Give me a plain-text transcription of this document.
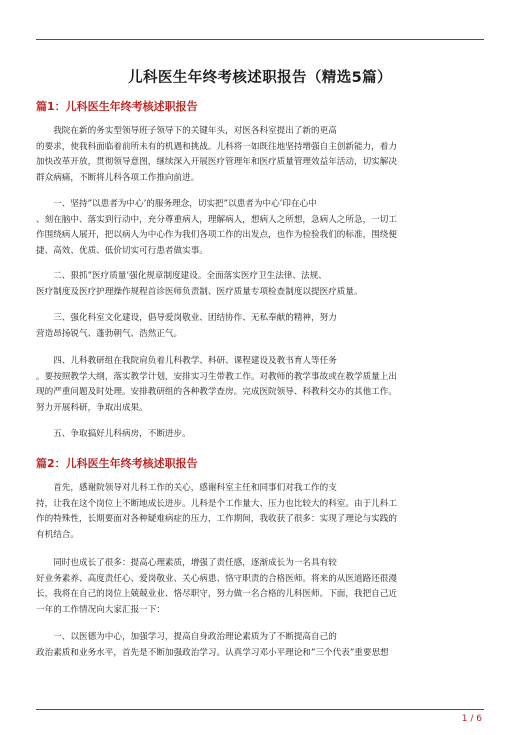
儿科医生年终考核述职报告（精选5篇）
篇1：儿科医生年终考核述职报告

　　我院在新的务实型领导班子领导下的关键年头，对医各科室提出了新的更高

的要求，使我科面临着前所未有的机遇和挑战。儿科将一如既往地坚持增强自主创新能力，着力

加快改革开放，贯彻领导意图，继续深入开展医疗管理年和医疗质量管理效益年活动，切实解决

群众病痛，不断将儿科各项工作推向前进。

　　一、坚持”以患者为中心’的服务理念，切实把”以患者为中心’印在心中

、刻在脑中、落实到行动中，充分尊重病人，理解病人，想病人之所想，急病人之所急，一切工

作围绕病人展开，把以病人为中心作为我们各项工作的出发点，也作为检验我们的标准，围绕便

捷、高效、优质、低价切实可行患者做实事。

　　二、狠抓”医疗质量’强化规章制度建设。全面落实医疗卫生法律、法规、

医疗制度及医疗护理操作规程首诊医师负责制、医疗质量专项检查制度以提医疗质量。

　　三、强化科室文化建设，倡导爱岗敬业、团结协作、无私奉献的精神，努力

营造昂扬锐气、蓬勃朝气、浩然正气。

　　四、儿科教研组在我院肩负着儿科教学、科研、课程建设及教书育人等任务

。要按照教学大纲，落实教学计划，安排实习生带教工作。对教师的教学事故或在教学质量上出

现的严重问题及时处理。安排教研组的各种教学查房。完成医院领导、科教科交办的其他工作。

努力开展科研，争取出成果。

　　五、争取搞好儿科病房，不断进步。

篇2：儿科医生年终考核述职报告

　　首先，感谢院领导对儿科工作的关心，感谢科室主任和同事们对我工作的支

持，让我在这个岗位上不断地成长进步。儿科是个工作量大、压力也比较大的科室。由于儿科工

作的特殊性，长期要面对各种疑难病症的压力，工作期间，我收获了很多：实现了理论与实践的

有机结合。

　　同时也成长了很多：提高心理素质，增强了责任感，逐渐成长为一名具有较

好业务素养、高度责任心、爱岗敬业、关心病患、恪守职责的合格医师。将来的从医道路还很漫

长，我将在自己的岗位上兢兢业业、恪尽职守，努力做一名合格的儿科医师。下面，我把自己近

一年的工作情况向大家汇报一下：

　　一、以医德为中心，加强学习，提高自身政治理论素质为了不断提高自己的

政治素质和业务水平，首先是不断加强政治学习。认真学习邓小平理论和”三个代表”重要思想

1 / 6
